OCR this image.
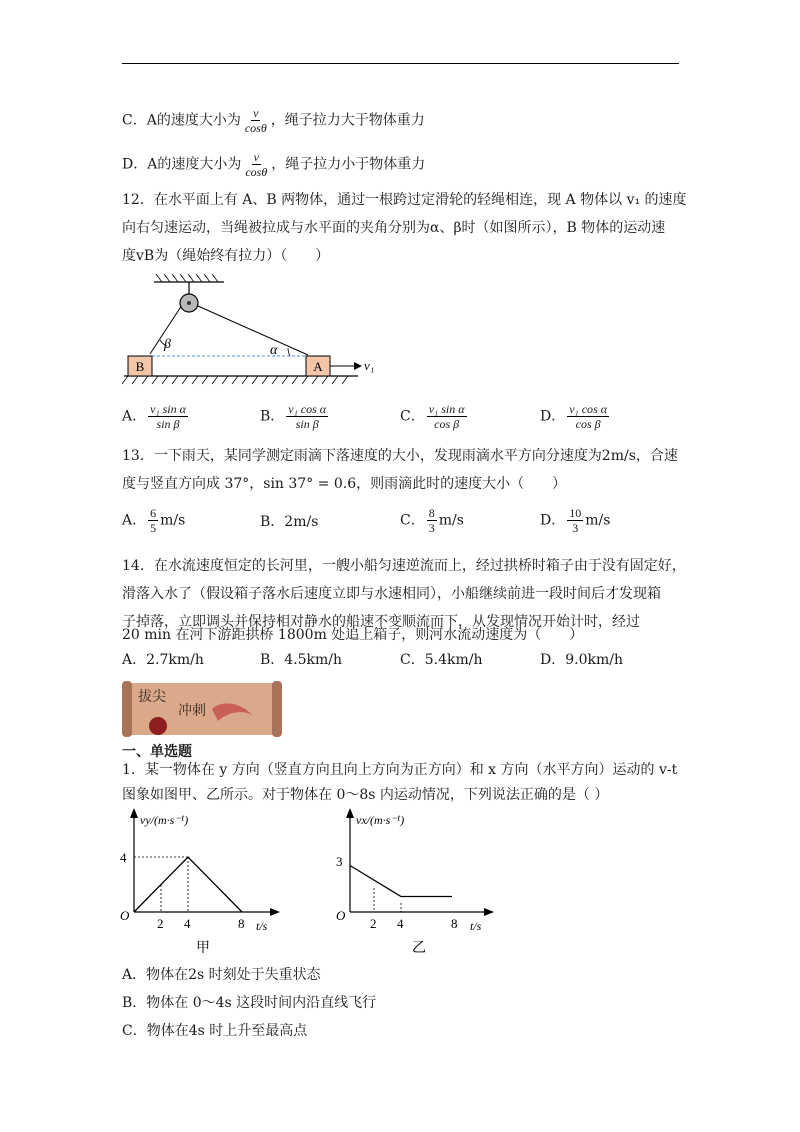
C．A的速度大小为 $\frac{v}{\cos\theta}$ ，绳子拉力大于物体重力
D．A的速度大小为 $\frac{v}{\cos\theta}$ ，绳子拉力小于物体重力
12．在水平面上有 A、B 两物体，通过一根跨过定滑轮的轻绳相连，现 A 物体以 v₁ 的速度
向右匀速运动，当绳被拉成与水平面的夹角分别为α、β时（如图所示），B 物体的运动速
度vB为（绳始终有拉力）（　　）
β	α
B	A	v₁
A． $\frac{\text{v₁ sin α}}{\text{sin β}}$	B． $\frac{\text{v₁ cos α}}{\text{sin β}}$	C． $\frac{\text{v₁ sin α}}{\text{cos β}}$	D． $\frac{\text{v₁ cos α}}{\text{cos β}}$
13．一下雨天，某同学测定雨滴下落速度的大小，发现雨滴水平方向分速度为2m/s，合速
度与竖直方向成 37°，sin 37° = 0.6，则雨滴此时的速度大小（　　）
A． $\frac{6}{5} m/s$	B．2m/s	C． $\frac{8}{3} m/s$	D． $\frac{10}{3} m/s$
14．在水流速度恒定的长河里，一艘小船匀速逆流而上，经过拱桥时箱子由于没有固定好，
滑落入水了（假设箱子落水后速度立即与水速相同），小船继续前进一段时间后才发现箱
子掉落，立即调头并保持相对静水的船速不变顺流而下，从发现情况开始计时，经过
20 min 在河下游距拱桥 1800m 处追上箱子，则河水流动速度为（　　）
A．2.7km/h	B．4.5km/h	C．5.4km/h	D．9.0km/h
拔尖
冲刺
一、单选题
1．某一物体在 y 方向（竖直方向且向上方向为正方向）和 x 方向（水平方向）运动的 v-t
图象如图甲、乙所示。对于物体在 0～8s 内运动情况，下列说法正确的是（ ）
vy/(m·s⁻¹)
O
4
2 4	8 t/s
甲
vx/(m·s⁻¹)
O
3
2 4	8 t/s
乙
A．物体在2s 时刻处于失重状态
B．物体在 0～4s 这段时间内沿直线飞行
C．物体在4s 时上升至最高点
